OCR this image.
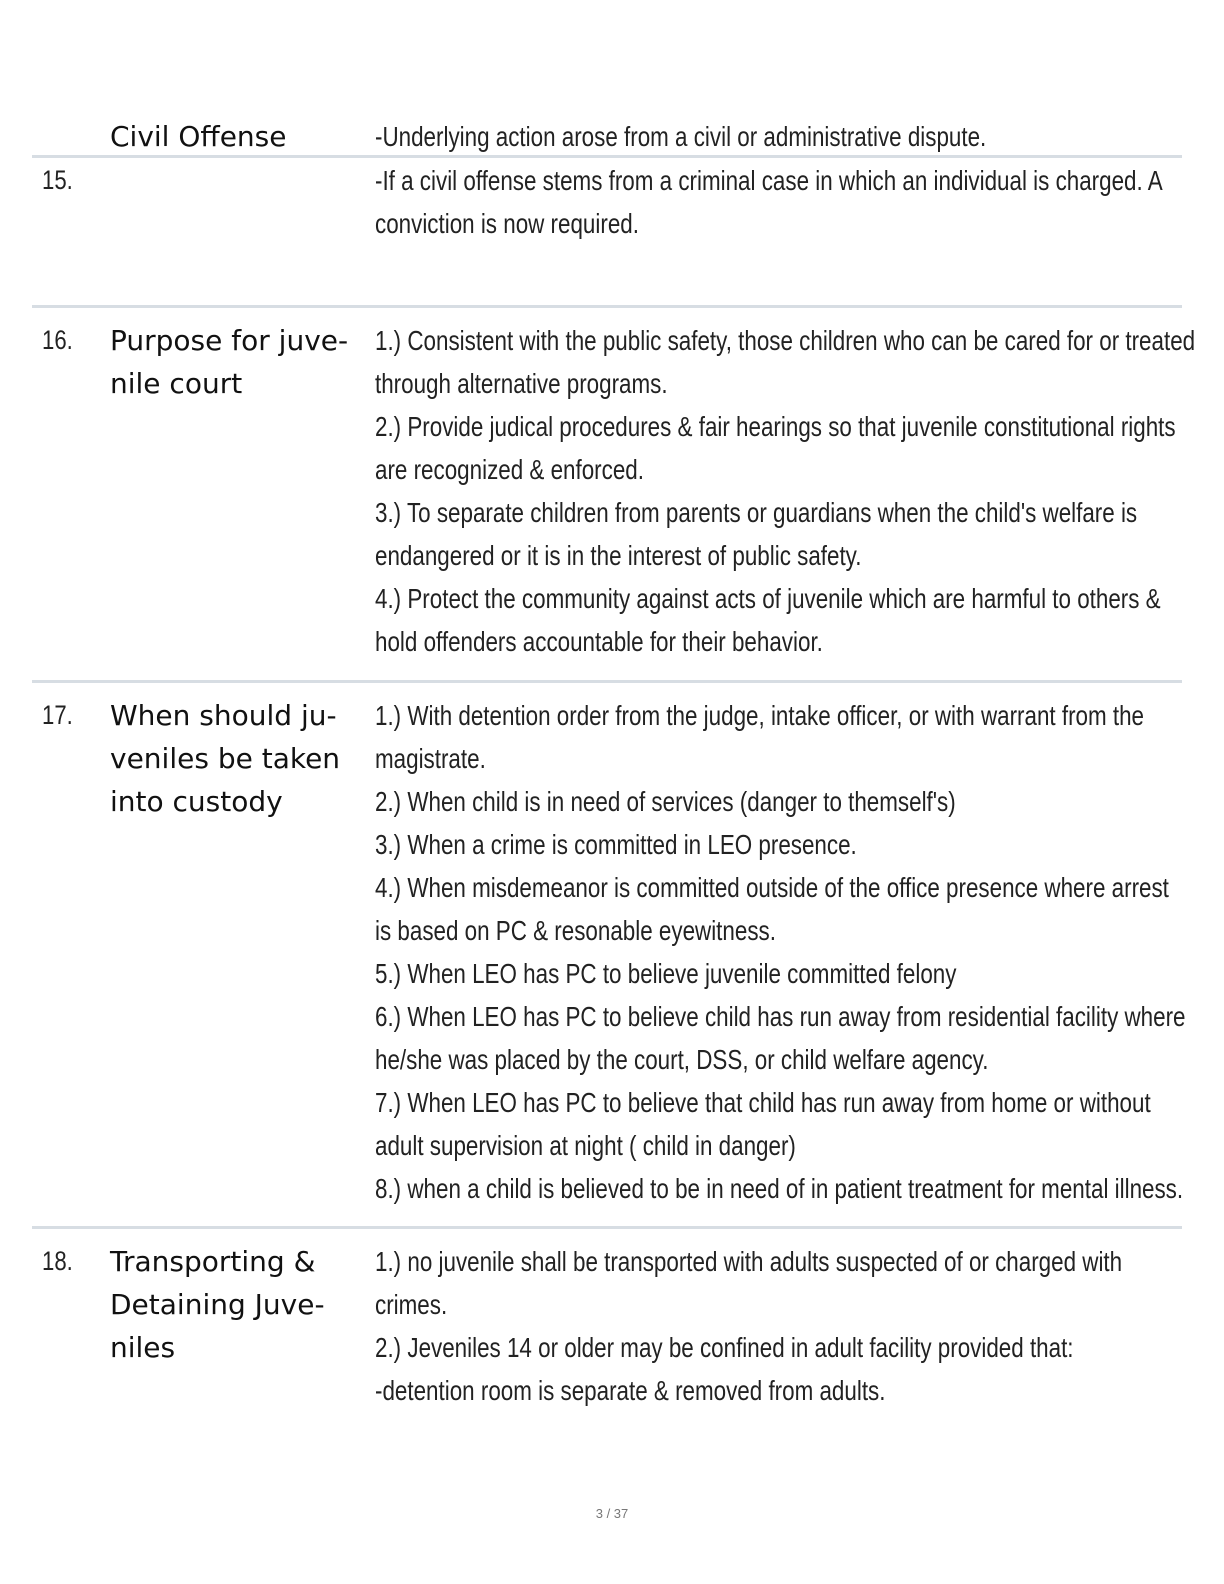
Civil Offense	-Underlying action arose from a civil or administrative dispute.
15.	-If a civil offense stems from a criminal case in which an individual is charged. A
conviction is now required.
16. Purpose for juve-
nile court
1.) Consistent with the public safety, those children who can be cared for or treated
through alternative programs.
2.) Provide judical procedures & fair hearings so that juvenile constitutional rights
are recognized & enforced.
3.) To separate children from parents or guardians when the child's welfare is
endangered or it is in the interest of public safety.
4.) Protect the community against acts of juvenile which are harmful to others &
hold offenders accountable for their behavior.
17. When should ju-
veniles be taken
into custody
1.) With detention order from the judge, intake officer, or with warrant from the
magistrate.
2.) When child is in need of services (danger to themself's)
3.) When a crime is committed in LEO presence.
4.) When misdemeanor is committed outside of the office presence where arrest
is based on PC & resonable eyewitness.
5.) When LEO has PC to believe juvenile committed felony
6.) When LEO has PC to believe child has run away from residential facility where
he/she was placed by the court, DSS, or child welfare agency.
7.) When LEO has PC to believe that child has run away from home or without
adult supervision at night ( child in danger)
8.) when a child is believed to be in need of in patient treatment for mental illness.
18. Transporting &
Detaining Juve-
niles
1.) no juvenile shall be transported with adults suspected of or charged with
crimes.
2.) Jeveniles 14 or older may be confined in adult facility provided that:
-detention room is separate & removed from adults.
3 / 37
